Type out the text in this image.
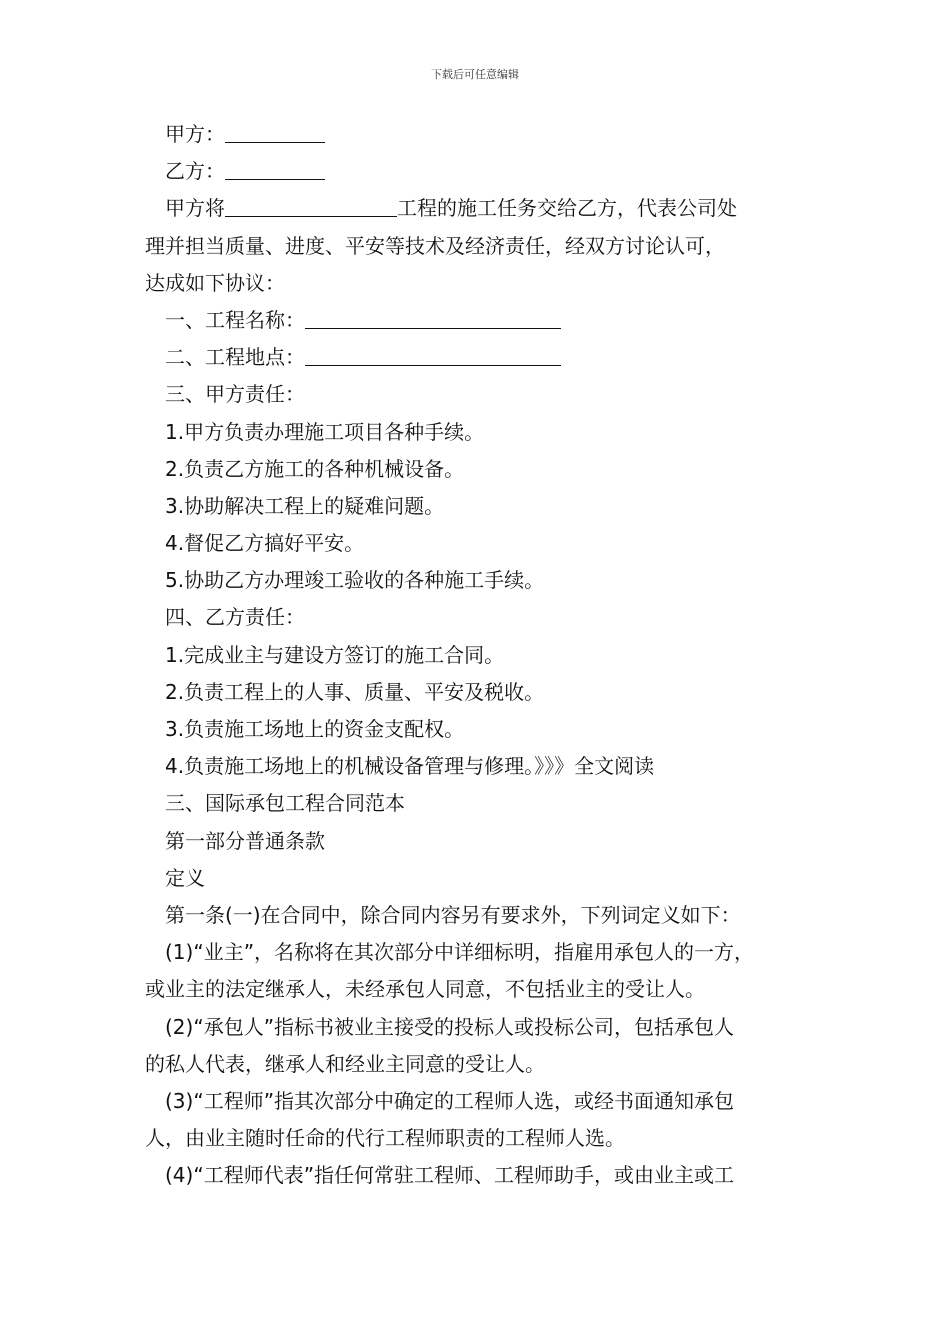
下载后可任意编辑
甲方：
乙方：
甲方将	工程的施工任务交给乙方，代表公司处
理并担当质量、进度、平安等技术及经济责任，经双方讨论认可，
达成如下协议：
一、工程名称：
二、工程地点：
三、甲方责任：
1.甲方负责办理施工项目各种手续。
2.负责乙方施工的各种机械设备。
3.协助解决工程上的疑难问题。
4.督促乙方搞好平安。
5.协助乙方办理竣工验收的各种施工手续。
四、乙方责任：
1.完成业主与建设方签订的施工合同。
2.负责工程上的人事、质量、平安及税收。
3.负责施工场地上的资金支配权。
4.负责施工场地上的机械设备管理与修理。》》》全文阅读
三、国际承包工程合同范本
第一部分普通条款
定义
第一条(一)在合同中，除合同内容另有要求外，下列词定义如下：
(1)“业主”，名称将在其次部分中详细标明，指雇用承包人的一方，
或业主的法定继承人，未经承包人同意，不包括业主的受让人。
(2)“承包人”指标书被业主接受的投标人或投标公司，包括承包人
的私人代表，继承人和经业主同意的受让人。
(3)“工程师”指其次部分中确定的工程师人选，或经书面通知承包
人，由业主随时任命的代行工程师职责的工程师人选。
(4)“工程师代表”指任何常驻工程师、工程师助手，或由业主或工
